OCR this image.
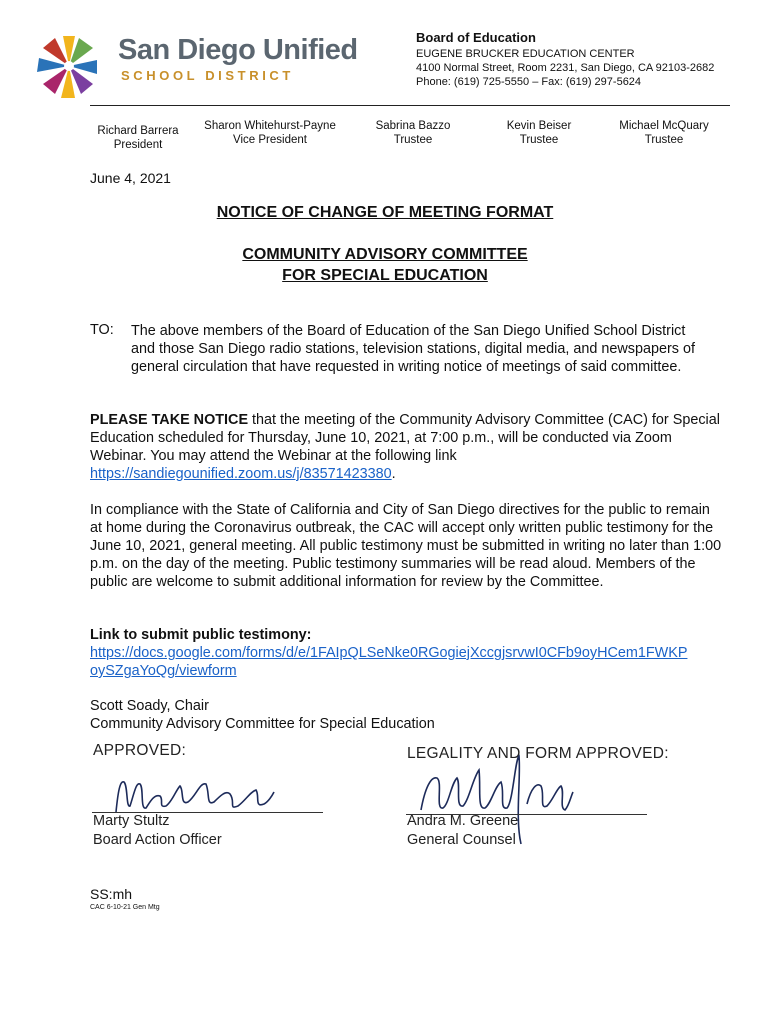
San Diego Unified
SCHOOL DISTRICT
Board of Education
EUGENE BRUCKER EDUCATION CENTER
4100 Normal Street, Room 2231, San Diego, CA 92103-2682
Phone: (619) 725-5550 – Fax: (619) 297-5624
Richard Barrera
President
Sharon Whitehurst-Payne
Vice President
Sabrina Bazzo
Trustee
Kevin Beiser
Trustee
Michael McQuary
Trustee
June 4, 2021
NOTICE OF CHANGE OF MEETING FORMAT
COMMUNITY ADVISORY COMMITTEE
FOR SPECIAL EDUCATION
TO: The above members of the Board of Education of the San Diego Unified School District and those San Diego radio stations, television stations, digital media, and newspapers of general circulation that have requested in writing notice of meetings of said committee.
PLEASE TAKE NOTICE that the meeting of the Community Advisory Committee (CAC) for Special Education scheduled for Thursday, June 10, 2021, at 7:00 p.m., will be conducted via Zoom Webinar. You may attend the Webinar at the following link https://sandiegounified.zoom.us/j/83571423380.
In compliance with the State of California and City of San Diego directives for the public to remain at home during the Coronavirus outbreak, the CAC will accept only written public testimony for the June 10, 2021, general meeting. All public testimony must be submitted in writing no later than 1:00 p.m. on the day of the meeting. Public testimony summaries will be read aloud. Members of the public are welcome to submit additional information for review by the Committee.
Link to submit public testimony:
https://docs.google.com/forms/d/e/1FAIpQLSeNke0RGogiejXccgjsrvwI0CFb9oyHCem1FWKP
oySZgaYoQg/viewform
Scott Soady, Chair
Community Advisory Committee for Special Education
APPROVED:	LEGALITY AND FORM APPROVED:
Marty Stultz
Board Action Officer
Andra M. Greene
General Counsel
SS:mh
CAC 6-10-21 Gen Mtg
